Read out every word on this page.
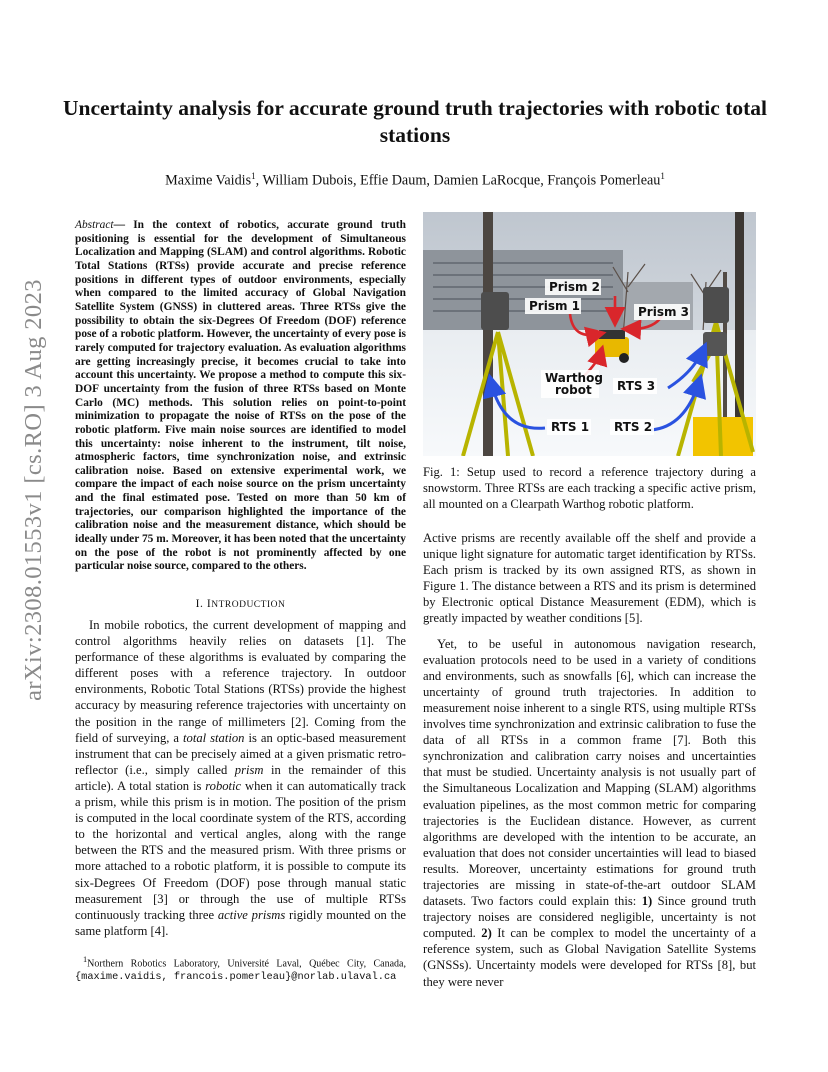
arXiv:2308.01553v1 [cs.RO] 3 Aug 2023
Uncertainty analysis for accurate ground truth trajectories with robotic total stations
Maxime Vaidis$^1$, William Dubois, Effie Daum, Damien LaRocque, François Pomerleau$^1$
Abstract— In the context of robotics, accurate ground truth positioning is essential for the development of Simultaneous Localization and Mapping (SLAM) and control algorithms. Robotic Total Stations (RTSs) provide accurate and precise reference positions in different types of outdoor environments, especially when compared to the limited accuracy of Global Navigation Satellite System (GNSS) in cluttered areas. Three RTSs give the possibility to obtain the six-Degrees Of Freedom (DOF) reference pose of a robotic platform. However, the uncertainty of every pose is rarely computed for trajectory evaluation. As evaluation algorithms are getting increasingly precise, it becomes crucial to take into account this uncertainty. We propose a method to compute this six-DOF uncertainty from the fusion of three RTSs based on Monte Carlo (MC) methods. This solution relies on point-to-point minimization to propagate the noise of RTSs on the pose of the robotic platform. Five main noise sources are identified to model this uncertainty: noise inherent to the instrument, tilt noise, atmospheric factors, time synchronization noise, and extrinsic calibration noise. Based on extensive experimental work, we compare the impact of each noise source on the prism uncertainty and the final estimated pose. Tested on more than 50 km of trajectories, our comparison highlighted the importance of the calibration noise and the measurement distance, which should be ideally under 75 m. Moreover, it has been noted that the uncertainty on the pose of the robot is not prominently affected by one particular noise source, compared to the others.
I. INTRODUCTION
In mobile robotics, the current development of mapping and control algorithms heavily relies on datasets [1]. The performance of these algorithms is evaluated by comparing the different poses with a reference trajectory. In outdoor environments, Robotic Total Stations (RTSs) provide the highest accuracy by measuring reference trajectories with uncertainty on the position in the range of millimeters [2]. Coming from the field of surveying, a total station is an optic-based measurement instrument that can be precisely aimed at a given prismatic retro-reflector (i.e., simply called prism in the remainder of this article). A total station is robotic when it can automatically track a prism, while this prism is in motion. The position of the prism is computed in the local coordinate system of the RTS, according to the horizontal and vertical angles, along with the range between the RTS and the measured prism. With three prisms or more attached to a robotic platform, it is possible to compute its six-Degrees Of Freedom (DOF) pose through manual static measurement [3] or through the use of multiple RTSs continuously tracking three active prisms rigidly mounted on the same platform [4].
$^1$Northern Robotics Laboratory, Université Laval, Québec City, Canada, {maxime.vaidis, francois.pomerleau}@norlab.ulaval.ca
Prism 1
Prism 2
Prism 3
Warthog
robot
RTS 1 RTS 2
RTS 3
Fig. 1: Setup used to record a reference trajectory during a snowstorm. Three RTSs are each tracking a specific active prism, all mounted on a Clearpath Warthog robotic platform.

Active prisms are recently available off the shelf and provide a unique light signature for automatic target identification by RTSs. Each prism is tracked by its own assigned RTS, as shown in Figure 1. The distance between a RTS and its prism is determined by Electronic optical Distance Measurement (EDM), which is greatly impacted by weather conditions [5].

Yet, to be useful in autonomous navigation research, evaluation protocols need to be used in a variety of conditions and environments, such as snowfalls [6], which can increase the uncertainty of ground truth trajectories. In addition to measurement noise inherent to a single RTS, using multiple RTSs involves time synchronization and extrinsic calibration to fuse the data of all RTSs in a common frame [7]. Both this synchronization and calibration carry noises and uncertainties that must be studied. Uncertainty analysis is not usually part of the Simultaneous Localization and Mapping (SLAM) algorithms evaluation pipelines, as the most common metric for comparing trajectories is the Euclidean distance. However, as current algorithms are developed with the intention to be accurate, an evaluation that does not consider uncertainties will lead to biased results. Moreover, uncertainty estimations for ground truth trajectories are missing in state-of-the-art outdoor SLAM datasets. Two factors could explain this: 1) Since ground truth trajectory noises are considered negligible, uncertainty is not computed. 2) It can be complex to model the uncertainty of a reference system, such as Global Navigation Satellite Systems (GNSSs). Uncertainty models were developed for RTSs [8], but they were never
